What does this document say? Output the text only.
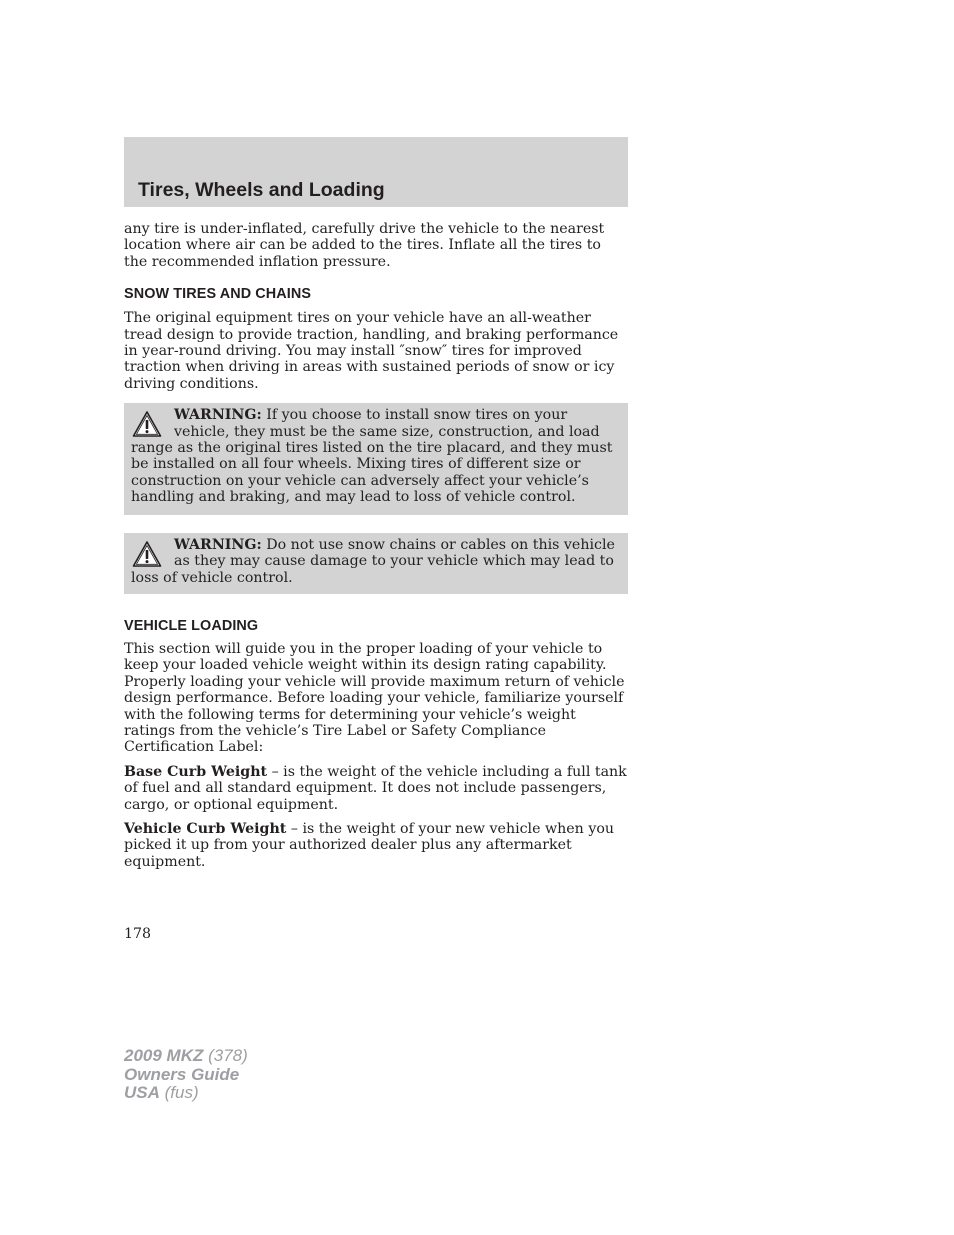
Tires, Wheels and Loading

any tire is under-inflated, carefully drive the vehicle to the nearest location where air can be added to the tires. Inflate all the tires to the recommended inflation pressure.

SNOW TIRES AND CHAINS

The original equipment tires on your vehicle have an all-weather tread design to provide traction, handling, and braking performance in year-round driving. You may install ″snow″ tires for improved traction when driving in areas with sustained periods of snow or icy driving conditions.

WARNING: If you choose to install snow tires on your vehicle, they must be the same size, construction, and load range as the original tires listed on the tire placard, and they must be installed on all four wheels. Mixing tires of different size or construction on your vehicle can adversely affect your vehicle’s handling and braking, and may lead to loss of vehicle control.
WARNING: Do not use snow chains or cables on this vehicle as they may cause damage to your vehicle which may lead to loss of vehicle control.
VEHICLE LOADING

This section will guide you in the proper loading of your vehicle to keep your loaded vehicle weight within its design rating capability. Properly loading your vehicle will provide maximum return of vehicle design performance. Before loading your vehicle, familiarize yourself with the following terms for determining your vehicle’s weight ratings from the vehicle’s Tire Label or Safety Compliance Certification Label:

Base Curb Weight – is the weight of the vehicle including a full tank of fuel and all standard equipment. It does not include passengers, cargo, or optional equipment.

Vehicle Curb Weight – is the weight of your new vehicle when you picked it up from your authorized dealer plus any aftermarket equipment.

178
2009 MKZ (378)
Owners Guide
USA (fus)
